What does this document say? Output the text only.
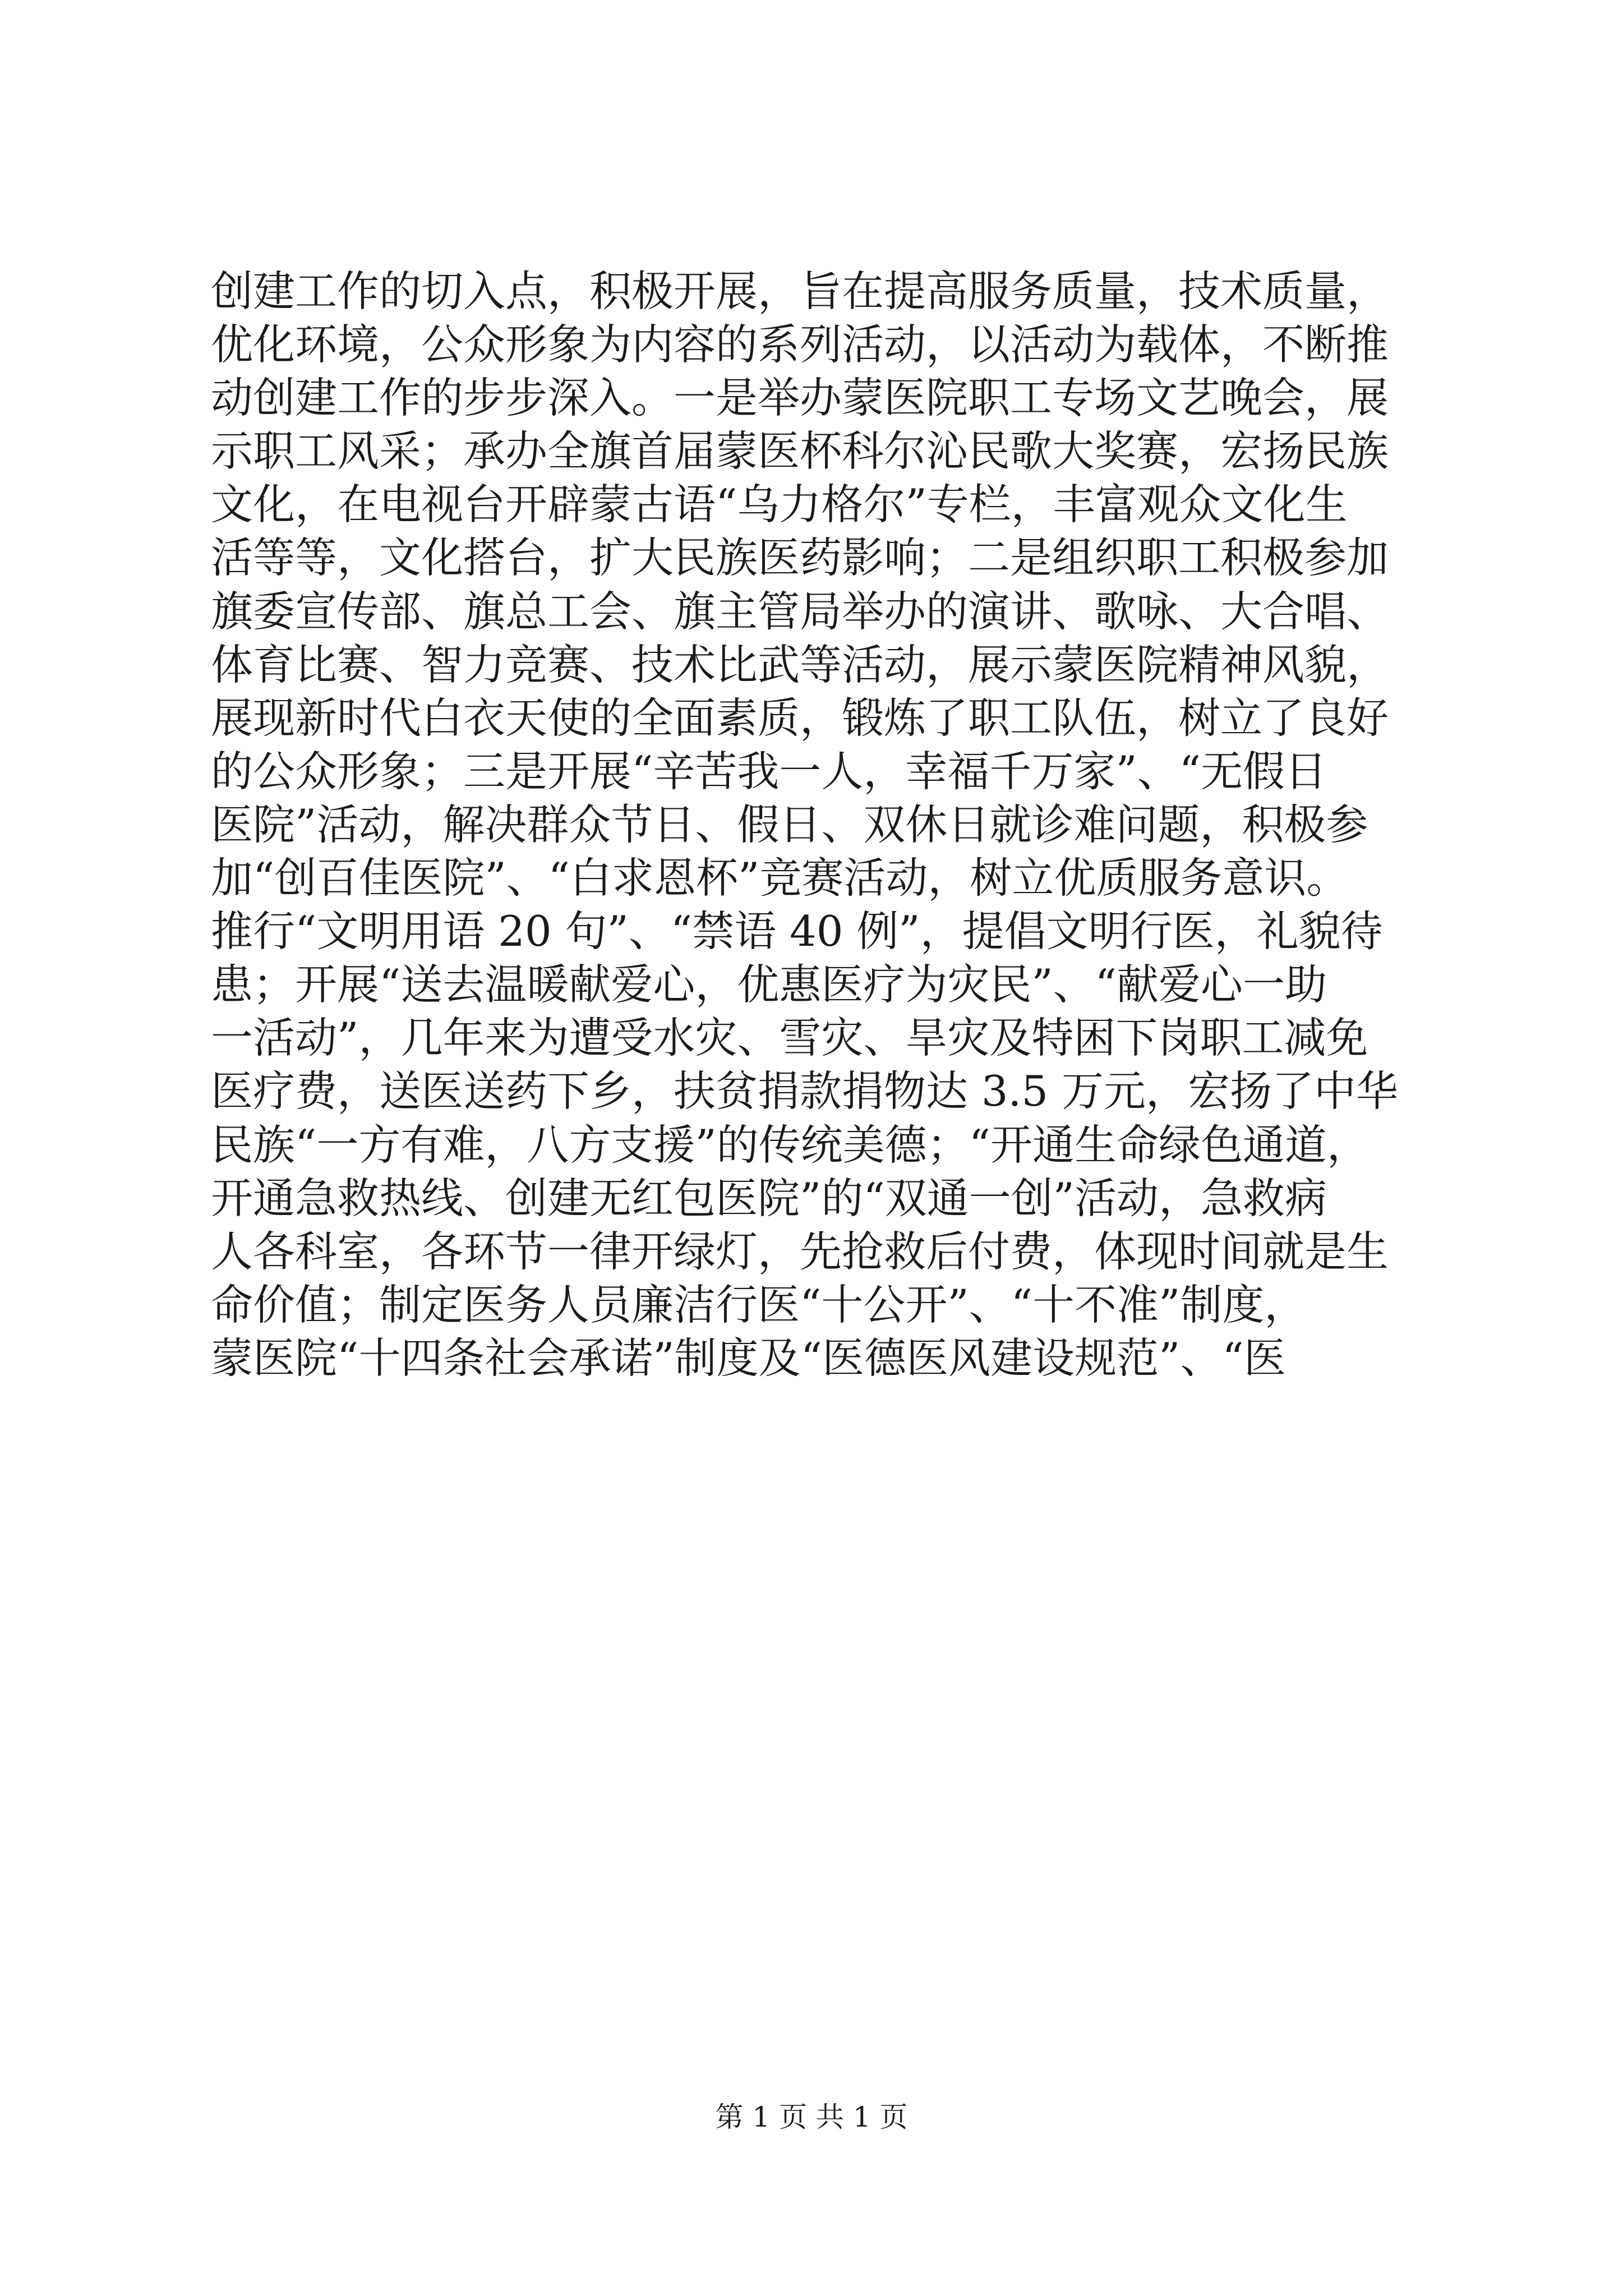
创建工作的切入点，积极开展，旨在提高服务质量，技术质量，
优化环境，公众形象为内容的系列活动，以活动为载体，不断推
动创建工作的步步深入。一是举办蒙医院职工专场文艺晚会，展
示职工风采；承办全旗首届蒙医杯科尔沁民歌大奖赛，宏扬民族
文化，在电视台开辟蒙古语“乌力格尔”专栏，丰富观众文化生
活等等，文化搭台，扩大民族医药影响；二是组织职工积极参加
旗委宣传部、旗总工会、旗主管局举办的演讲、歌咏、大合唱、
体育比赛、智力竞赛、技术比武等活动，展示蒙医院精神风貌，
展现新时代白衣天使的全面素质，锻炼了职工队伍，树立了良好
的公众形象；三是开展“辛苦我一人，幸福千万家”、“无假日
医院”活动，解决群众节日、假日、双休日就诊难问题，积极参
加“创百佳医院”、“白求恩杯”竞赛活动，树立优质服务意识。
推行“文明用语 20 句”、“禁语 40 例”，提倡文明行医，礼貌待
患；开展“送去温暖献爱心，优惠医疗为灾民”、“献爱心一助
一活动”，几年来为遭受水灾、雪灾、旱灾及特困下岗职工减免
医疗费，送医送药下乡，扶贫捐款捐物达 3.5 万元，宏扬了中华
民族“一方有难，八方支援”的传统美德；“开通生命绿色通道，
开通急救热线、创建无红包医院”的“双通一创”活动，急救病
人各科室，各环节一律开绿灯，先抢救后付费，体现时间就是生
命价值；制定医务人员廉洁行医“十公开”、“十不准”制度，
蒙医院“十四条社会承诺”制度及“医德医风建设规范”、“医
第 1 页 共 1 页
